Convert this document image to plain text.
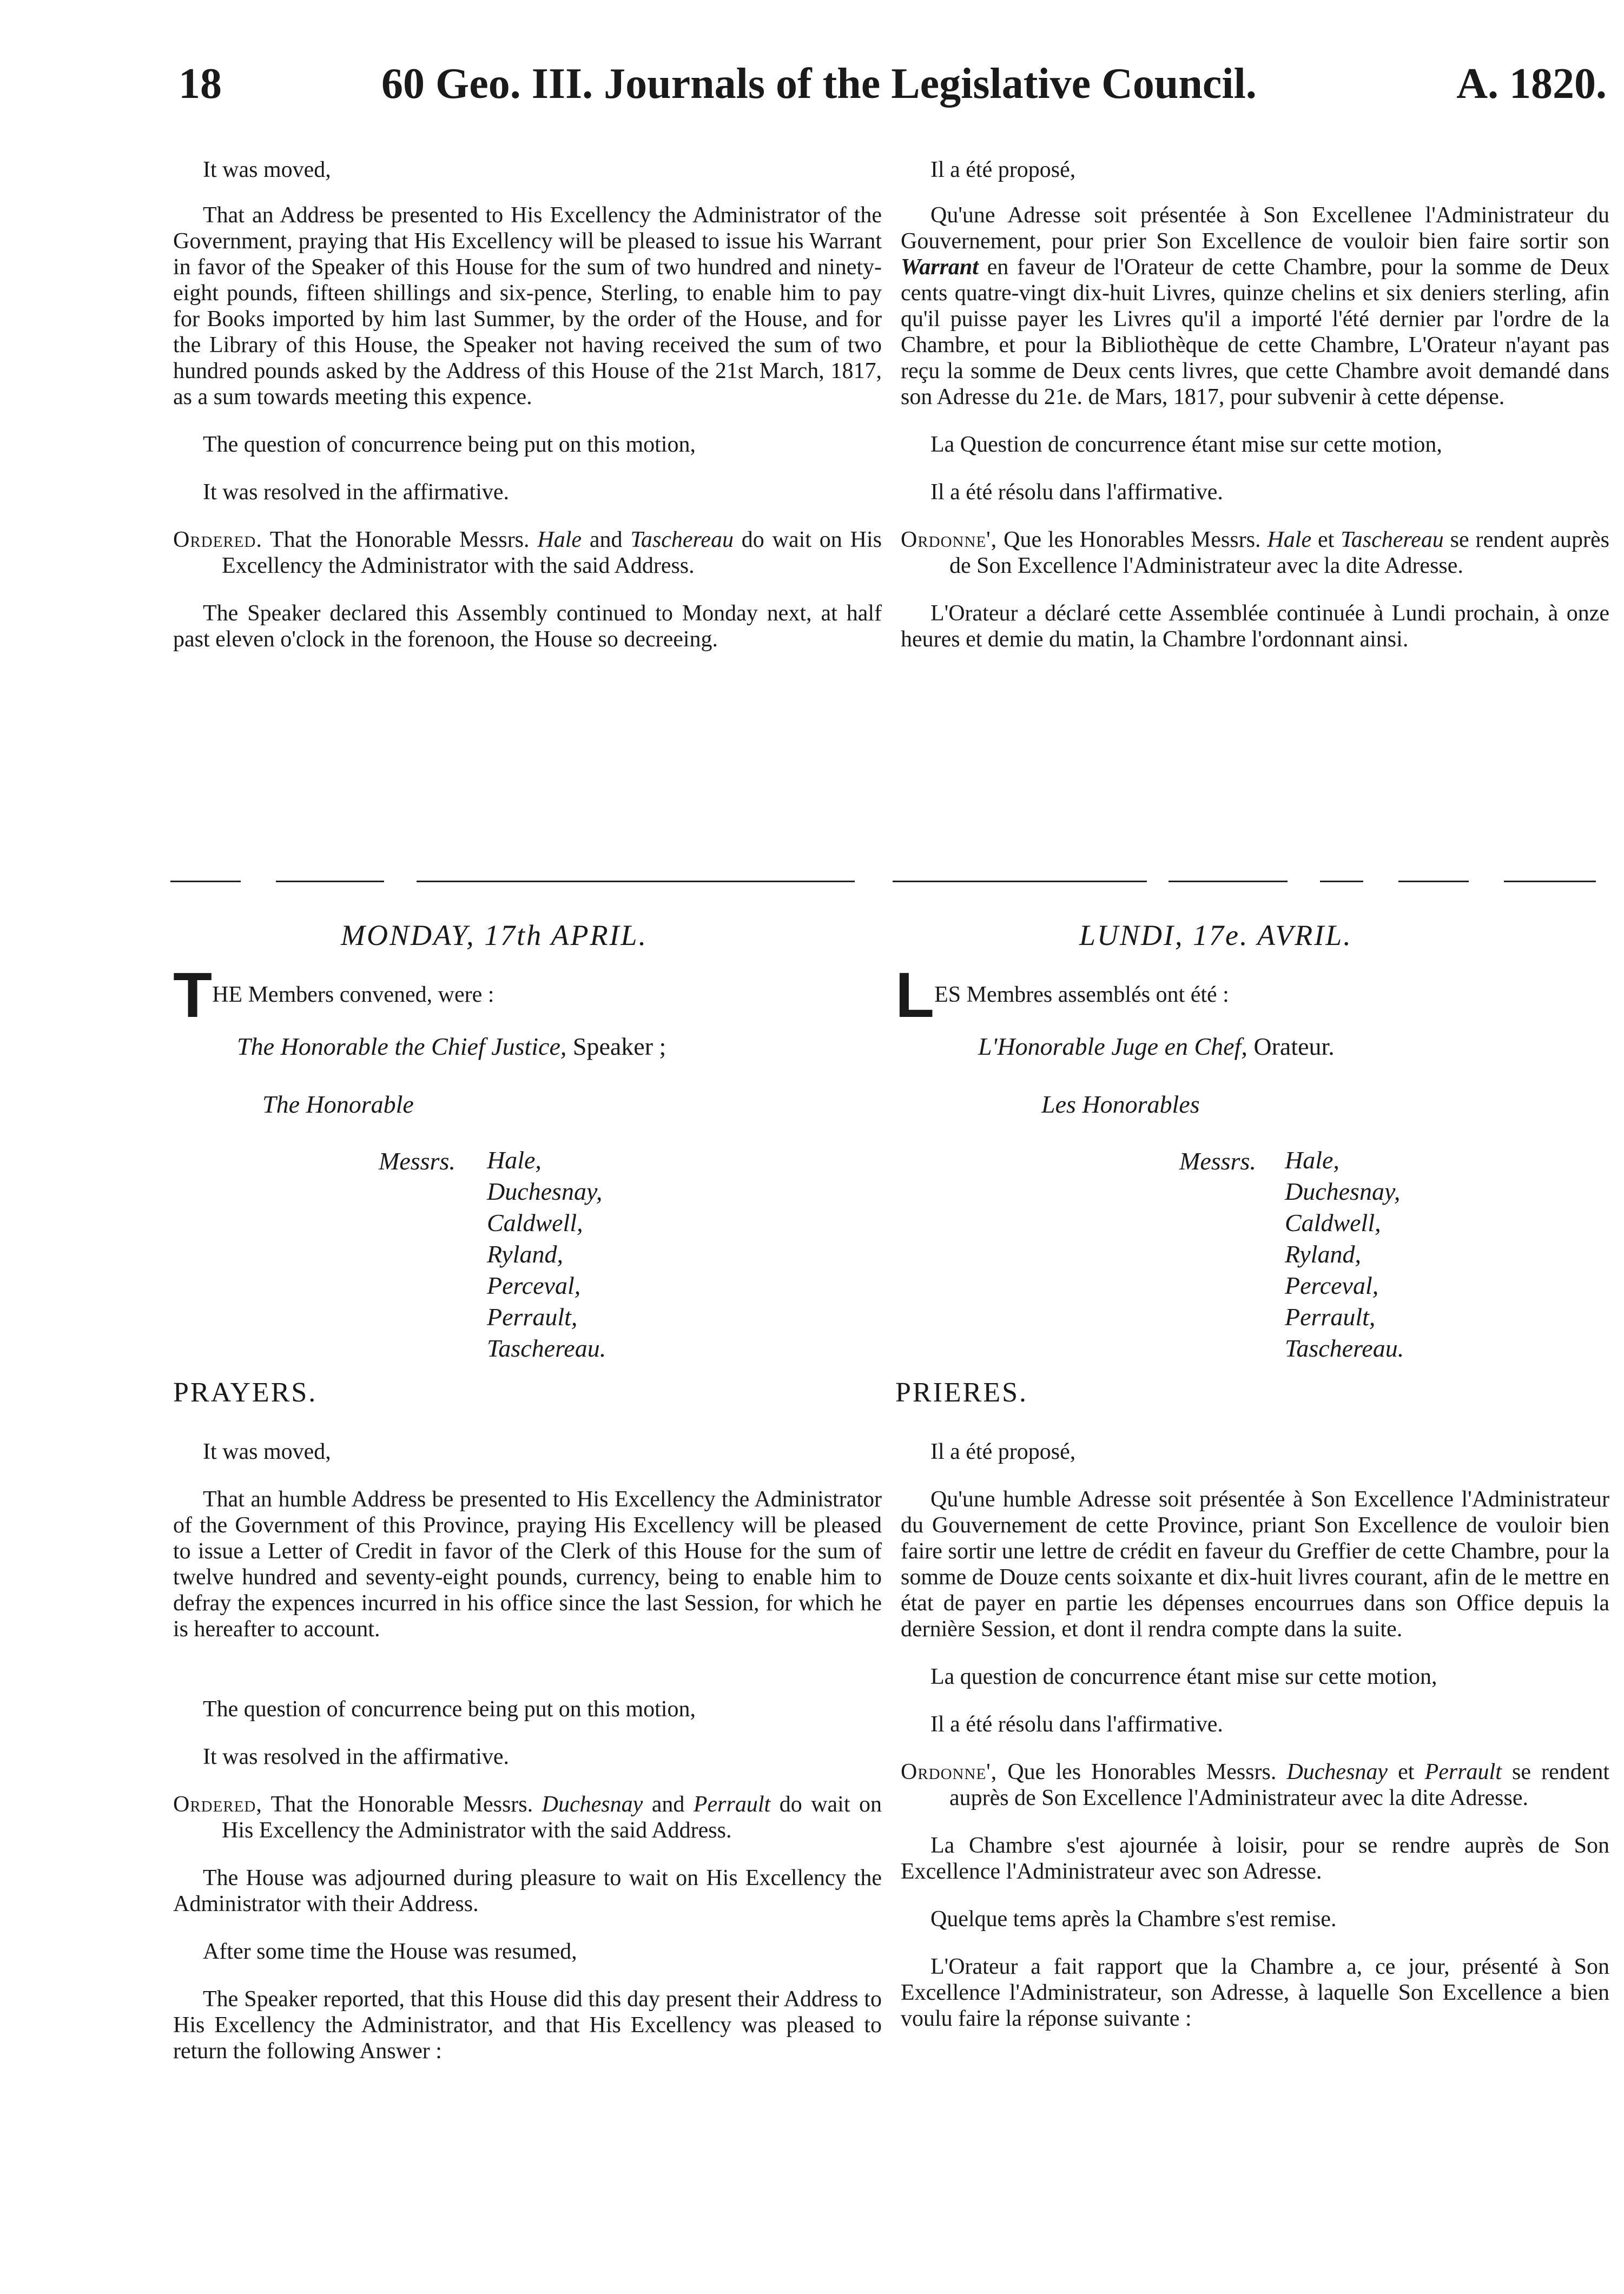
18	60 Geo. III. Journals of the Legislative Council.	A. 1820.

It was moved,

That an Address be presented to His Excellency the Administrator of the Government, praying that His Excellency will be pleased to issue his Warrant in favor of the Speaker of this House for the sum of two hundred and ninety-eight pounds, fifteen shillings and six-pence, Sterling, to enable him to pay for Books imported by him last Summer, by the order of the House, and for the Library of this House, the Speaker not having received the sum of two hundred pounds asked by the Address of this House of the 21st March, 1817, as a sum towards meeting this expence.

The question of concurrence being put on this motion,

It was resolved in the affirmative.

Ordered. That the Honorable Messrs. Hale and Taschereau do wait on His Excellency the Administrator with the said Address.

The Speaker declared this Assembly continued to Monday next, at half past eleven o'clock in the forenoon, the House so decreeing.

Il a été proposé,

Qu'une Adresse soit présentée à Son Excellenee l'Administrateur du Gouvernement, pour prier Son Excellence de vouloir bien faire sortir son Warrant en faveur de l'Orateur de cette Chambre, pour la somme de Deux cents quatre-vingt dix-huit Livres, quinze chelins et six deniers sterling, afin qu'il puisse payer les Livres qu'il a importé l'été dernier par l'ordre de la Chambre, et pour la Bibliothèque de cette Chambre, L'Orateur n'ayant pas reçu la somme de Deux cents livres, que cette Chambre avoit demandé dans son Adresse du 21e. de Mars, 1817, pour subvenir à cette dépense.

La Question de concurrence étant mise sur cette motion,

Il a été résolu dans l'affirmative.

Ordonne', Que les Honorables Messrs. Hale et Taschereau se rendent auprès de Son Excellence l'Administrateur avec la dite Adresse.

L'Orateur a déclaré cette Assemblée continuée à Lundi prochain, à onze heures et demie du matin, la Chambre l'ordonnant ainsi.

MONDAY, 17th APRIL.	LUNDI, 17e. AVRIL.
THE Members convened, were :	LES Membres assemblés ont été :
The Honorable the Chief Justice, Speaker ;	L'Honorable Juge en Chef, Orateur.
The Honorable	Les Honorables
Messrs. Hale,
Duchesnay,
Caldwell,
Ryland,
Perceval,
Perrault,
Taschereau.
Messrs. Hale,
Duchesnay,
Caldwell,
Ryland,
Perceval,
Perrault,
Taschereau.
PRAYERS.	PRIERES.

It was moved,

That an humble Address be presented to His Excellency the Administrator of the Government of this Province, praying His Excellency will be pleased to issue a Letter of Credit in favor of the Clerk of this House for the sum of twelve hundred and seventy-eight pounds, currency, being to enable him to defray the expences incurred in his office since the last Session, for which he is hereafter to account.

The question of concurrence being put on this motion,

It was resolved in the affirmative.

Ordered, That the Honorable Messrs. Duchesnay and Perrault do wait on His Excellency the Administrator with the said Address.

The House was adjourned during pleasure to wait on His Excellency the Administrator with their Address.

After some time the House was resumed,

The Speaker reported, that this House did this day present their Address to His Excellency the Administrator, and that His Excellency was pleased to return the following Answer :

Il a été proposé,

Qu'une humble Adresse soit présentée à Son Excellence l'Administrateur du Gouvernement de cette Province, priant Son Excellence de vouloir bien faire sortir une lettre de crédit en faveur du Greffier de cette Chambre, pour la somme de Douze cents soixante et dix-huit livres courant, afin de le mettre en état de payer en partie les dépenses encourrues dans son Office depuis la dernière Session, et dont il rendra compte dans la suite.

La question de concurrence étant mise sur cette motion,

Il a été résolu dans l'affirmative.

Ordonne', Que les Honorables Messrs. Duchesnay et Perrault se rendent auprès de Son Excellence l'Administrateur avec la dite Adresse.

La Chambre s'est ajournée à loisir, pour se rendre auprès de Son Excellence l'Administrateur avec son Adresse.

Quelque tems après la Chambre s'est remise.

L'Orateur a fait rapport que la Chambre a, ce jour, présenté à Son Excellence l'Administrateur, son Adresse, à laquelle Son Excellence a bien voulu faire la réponse suivante :
